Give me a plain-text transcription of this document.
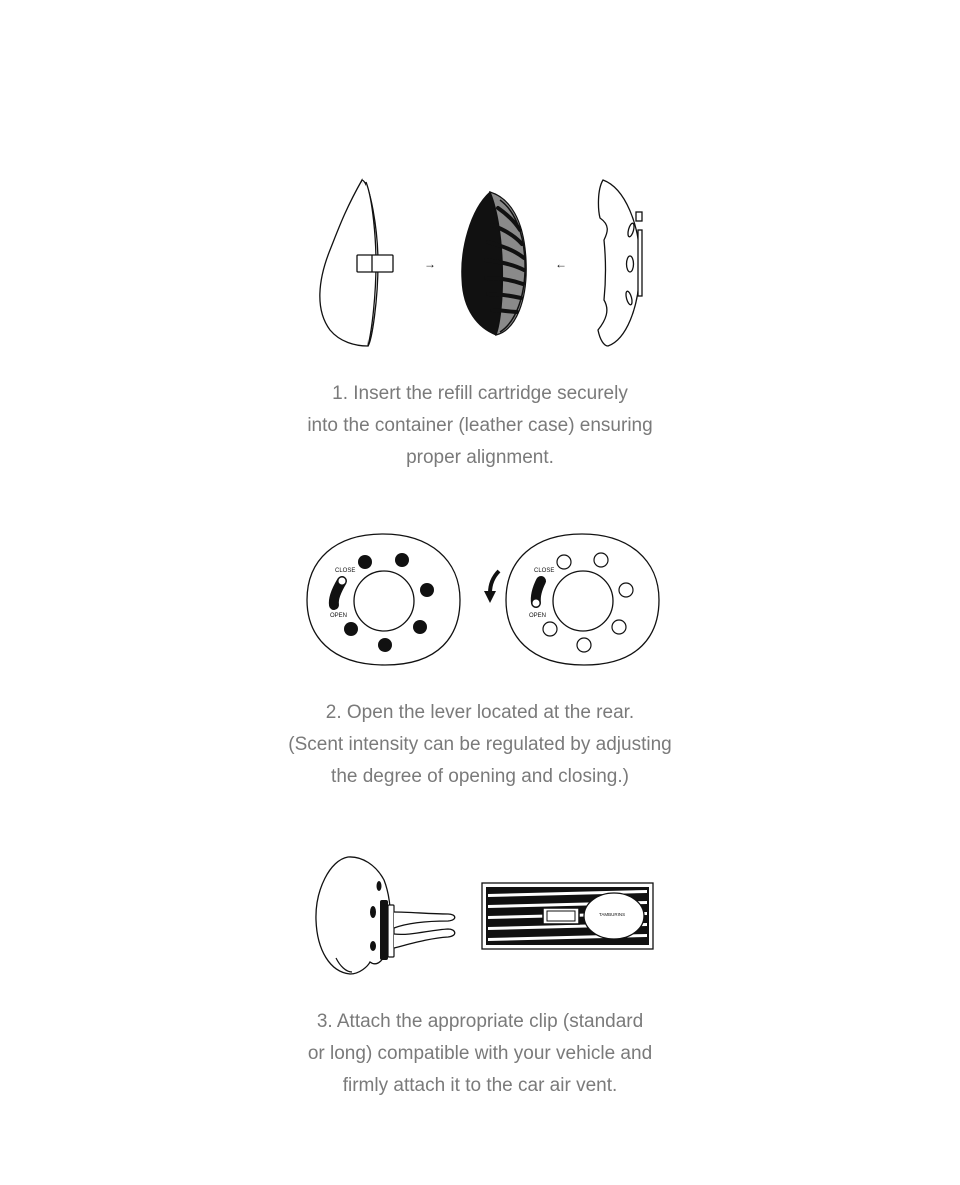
→	←
1. Insert the refill cartridge securely
into the container (leather case) ensuring
proper alignment.
CLOSE
OPEN
CLOSE
OPEN
2. Open the lever located at the rear.
(Scent intensity can be regulated by adjusting
the degree of opening and closing.)
TAMBURINS
3. Attach the appropriate clip (standard
or long) compatible with your vehicle and
firmly attach it to the car air vent.
